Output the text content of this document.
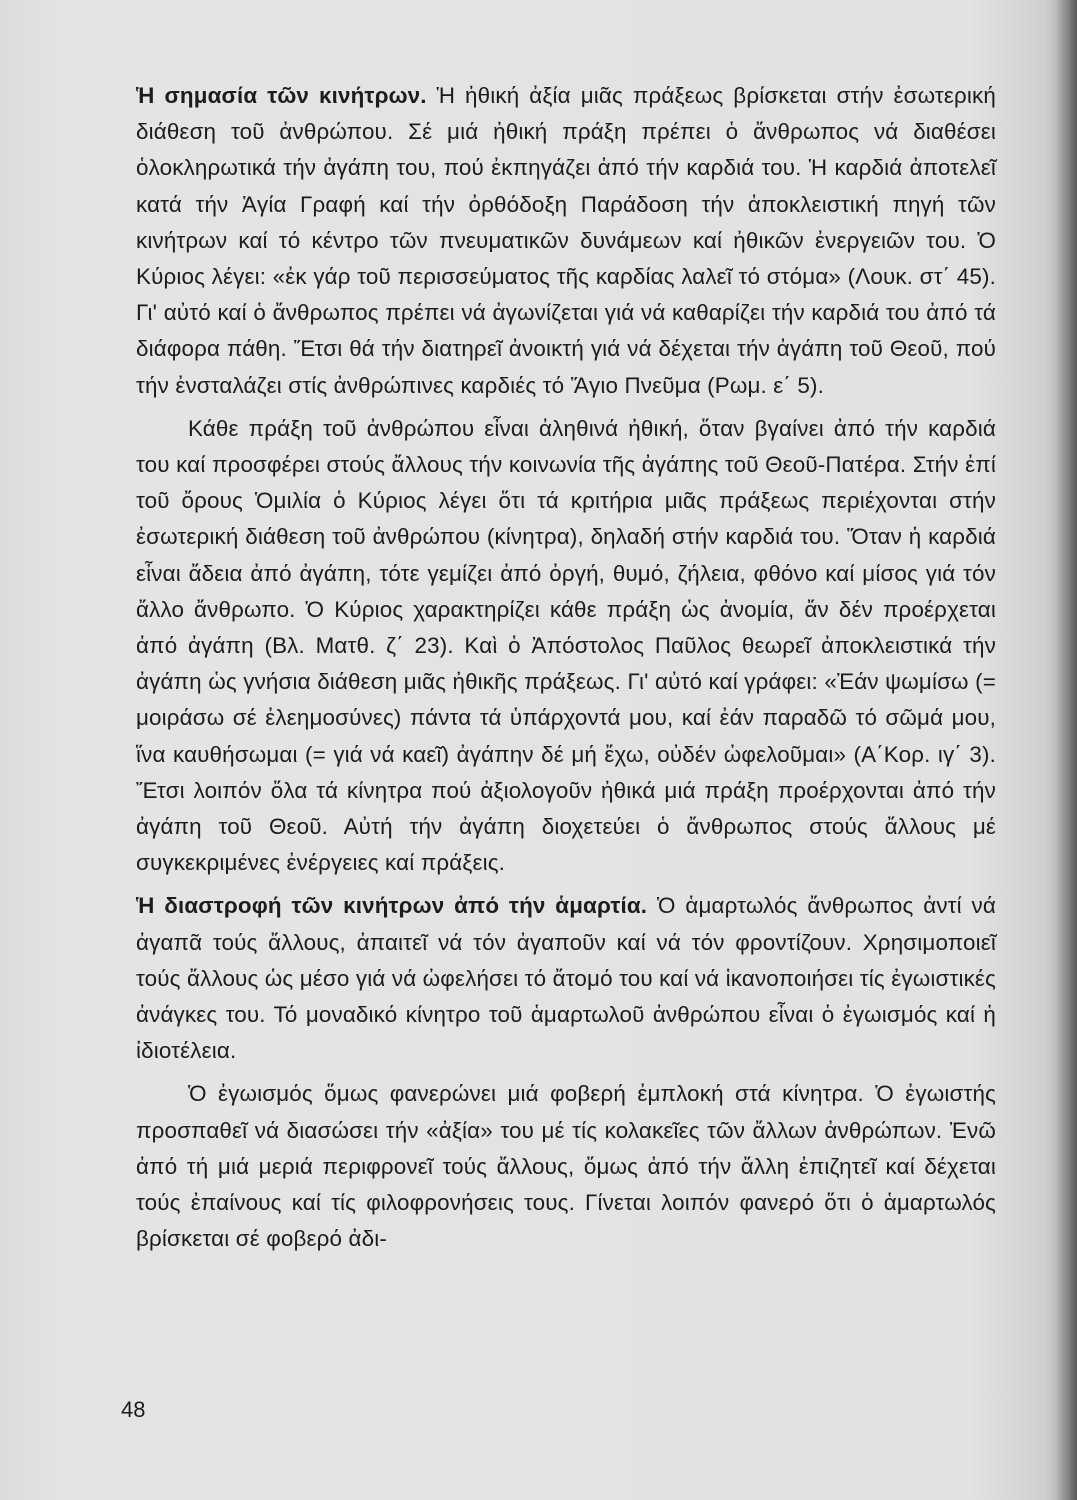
Ἡ σημασία τῶν κινήτρων. Ἡ ἠθική ἀξία μιᾶς πράξεως βρίσκεται στήν ἐσωτερική διάθεση τοῦ ἀνθρώπου. Σέ μιά ἠθική πράξη πρέπει ὁ ἄνθρωπος νά διαθέσει ὁλοκληρωτικά τήν ἀγάπη του, πού ἐκπηγάζει ἀπό τήν καρδιά του. Ἡ καρδιά ἀποτελεῖ κατά τήν Ἁγία Γραφή καί τήν ὀρθόδοξη Παράδοση τήν ἀποκλειστική πηγή τῶν κινήτρων καί τό κέντρο τῶν πνευματικῶν δυνάμεων καί ἠθικῶν ἐνεργειῶν του. Ὁ Κύριος λέγει: «ἐκ γάρ τοῦ περισσεύματος τῆς καρδίας λαλεῖ τό στόμα» (Λουκ. στ΄ 45). Γι' αὐτό καί ὁ ἄνθρωπος πρέπει νά ἀγωνίζεται γιά νά καθαρίζει τήν καρδιά του ἀπό τά διάφορα πάθη. Ἔτσι θά τήν διατηρεῖ ἀνοικτή γιά νά δέχεται τήν ἀγάπη τοῦ Θεοῦ, πού τήν ἐνσταλάζει στίς ἀνθρώπινες καρδιές τό Ἅγιο Πνεῦμα (Ρωμ. ε΄ 5).

Κάθε πράξη τοῦ ἀνθρώπου εἶναι ἀληθινά ἠθική, ὅταν βγαίνει ἀπό τήν καρδιά του καί προσφέρει στούς ἄλλους τήν κοινωνία τῆς ἀγάπης τοῦ Θεοῦ-Πατέρα. Στήν ἐπί τοῦ ὄρους Ὁμιλία ὁ Κύριος λέγει ὅτι τά κριτήρια μιᾶς πράξεως περιέχονται στήν ἐσωτερική διάθεση τοῦ ἀνθρώπου (κίνητρα), δηλαδή στήν καρδιά του. Ὅταν ἡ καρδιά εἶναι ἄδεια ἀπό ἀγάπη, τότε γεμίζει ἀπό ὀργή, θυμό, ζήλεια, φθόνο καί μίσος γιά τόν ἄλλο ἄνθρωπο. Ὁ Κύριος χαρακτηρίζει κάθε πράξη ὡς ἀνομία, ἄν δέν προέρχεται ἀπό ἀγάπη (Βλ. Ματθ. ζ΄ 23). Καὶ ὁ Ἀπόστολος Παῦλος θεωρεῖ ἀποκλειστικά τήν ἀγάπη ὡς γνήσια διάθεση μιᾶς ἠθικῆς πράξεως. Γι' αὐτό καί γράφει: «Ἐάν ψωμίσω (= μοιράσω σέ ἐλεημοσύνες) πάντα τά ὑπάρχοντά μου, καί ἐάν παραδῶ τό σῶμά μου, ἵνα καυθήσωμαι (= γιά νά καεῖ) ἀγάπην δέ μή ἔχω, οὐδέν ὠφελοῦμαι» (Α΄Κορ. ιγ΄ 3). Ἔτσι λοιπόν ὅλα τά κίνητρα πού ἀξιολογοῦν ἠθικά μιά πράξη προέρχονται ἀπό τήν ἀγάπη τοῦ Θεοῦ. Αὐτή τήν ἀγάπη διοχετεύει ὁ ἄνθρωπος στούς ἄλλους μέ συγκεκριμένες ἐνέργειες καί πράξεις.

Ἡ διαστροφή τῶν κινήτρων ἀπό τήν ἁμαρτία. Ὁ ἁμαρτωλός ἄνθρωπος ἀντί νά ἀγαπᾶ τούς ἄλλους, ἀπαιτεῖ νά τόν ἀγαποῦν καί νά τόν φροντίζουν. Χρησιμοποιεῖ τούς ἄλλους ὡς μέσο γιά νά ὠφελήσει τό ἄτομό του καί νά ἱκανοποιήσει τίς ἐγωιστικές ἀνάγκες του. Τό μοναδικό κίνητρο τοῦ ἁμαρτωλοῦ ἀνθρώπου εἶναι ὁ ἐγωισμός καί ἡ ἰδιοτέλεια.

Ὁ ἐγωισμός ὅμως φανερώνει μιά φοβερή ἐμπλοκή στά κίνητρα. Ὁ ἐγωιστής προσπαθεῖ νά διασώσει τήν «ἀξία» του μέ τίς κολακεῖες τῶν ἄλλων ἀνθρώπων. Ἐνῶ ἀπό τή μιά μεριά περιφρονεῖ τούς ἄλλους, ὅμως ἀπό τήν ἄλλη ἐπιζητεῖ καί δέχεται τούς ἐπαίνους καί τίς φιλοφρονήσεις τους. Γίνεται λοιπόν φανερό ὅτι ὁ ἁμαρτωλός βρίσκεται σέ φοβερό ἀδι-

48
